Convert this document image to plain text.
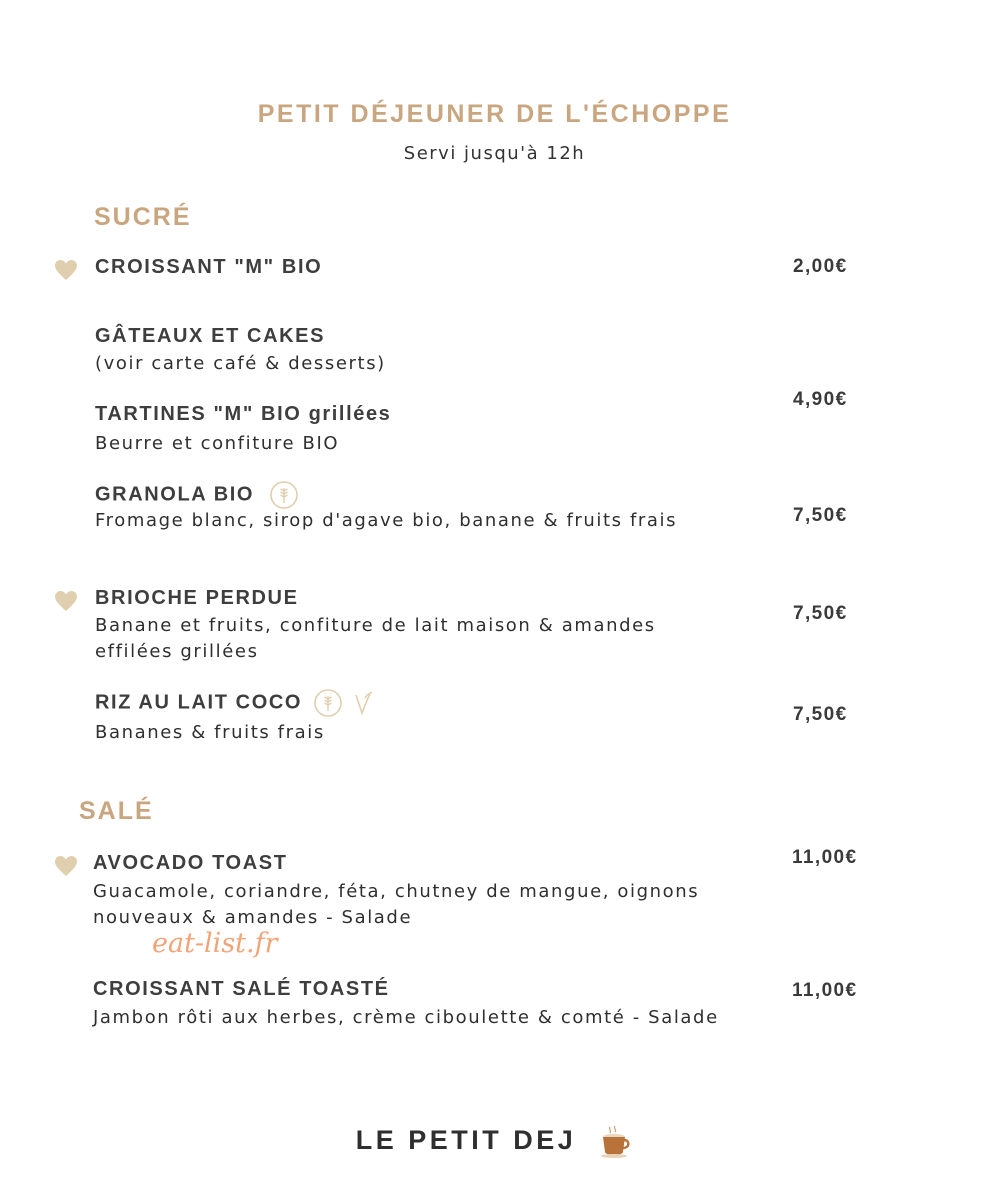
PETIT DÉJEUNER DE L'ÉCHOPPE
Servi jusqu'à 12h
SUCRÉ
CROISSANT "M" BIO	2,00€
GÂTEAUX ET CAKES
(voir carte café & desserts)
TARTINES "M" BIO grillées
Beurre et confiture BIO
4,90€
GRANOLA BIO
Fromage blanc, sirop d'agave bio, banane & fruits frais	7,50€
BRIOCHE PERDUE
Banane et fruits, confiture de lait maison & amandes effilées grillées
7,50€
RIZ AU LAIT COCO
Bananes & fruits frais
7,50€
SALÉ
AVOCADO TOAST
Guacamole, coriandre, féta, chutney de mangue, oignons nouveaux & amandes - Salade
11,00€
eat-list.fr
CROISSANT SALÉ TOASTÉ
Jambon rôti aux herbes, crème ciboulette & comté - Salade
11,00€
LE PETIT DEJ
